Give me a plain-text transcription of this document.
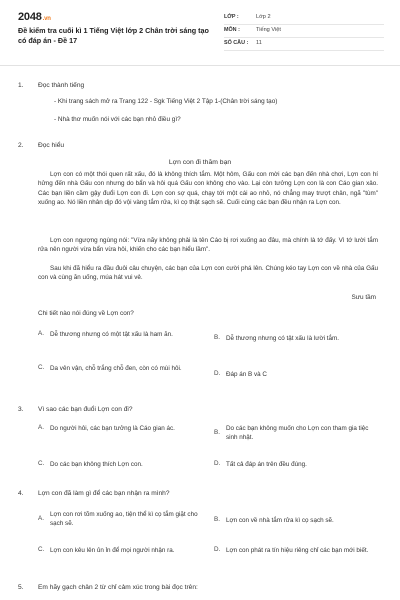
2048.vn
Đề kiểm tra cuối kì 1 Tiếng Việt lớp 2 Chân trời sáng tạo có đáp án - Đề 17
LỚP :	Lớp 2
MÔN :	Tiếng Việt
SỐ CÂU :	11
1. Đọc thành tiếng
- Khi trang sách mở ra Trang 122 - Sgk Tiếng Việt 2 Tập 1-(Chân trời sáng tạo)
- Nhà thơ muốn nói với các bạn nhỏ điều gì?
2. Đọc hiểu
Lợn con đi thăm bạn
Lợn con có một thói quen rất xấu, đó là không thích tắm. Một hôm, Gấu con mời các bạn đến nhà chơi, Lợn con hí hửng đến nhà Gấu con nhưng do bẩn và hôi quá Gấu con không cho vào. Lại còn tưởng Lợn con là con Cáo gian xảo. Các bạn liền cầm gậy đuổi Lợn con đi. Lợn con sợ quá, chạy tới một cái ao nhỏ, nó chẳng may trượt chân, ngã "tùm" xuống ao. Nó liền nhân dịp đó vội vàng tắm rửa, kì cọ thật sạch sẽ. Cuối cùng các bạn đều nhận ra Lợn con.
Lợn con ngượng ngùng nói: "Vừa nãy không phải là tên Cáo bị rơi xuống ao đâu, mà chính là tớ đấy. Vì tớ lười tắm rửa nên người vừa bẩn vừa hôi, khiến cho các bạn hiểu lầm".
Sau khi đã hiểu ra đầu đuôi câu chuyện, các bạn của Lợn con cười phá lên. Chúng kéo tay Lợn con về nhà của Gấu con và cùng ăn uống, múa hát vui vẻ.
Sưu tầm
Chi tiết nào nói đúng về Lợn con?
A. Dễ thương nhưng có một tật xấu là ham ăn.	B. Dễ thương nhưng có tật xấu là lười tắm.
C. Da vên vận, chỗ trắng chỗ đen, còn có mùi hôi.
D. Đáp án B và C
3. Vì sao các bạn đuổi Lợn con đi?
A. Do người hôi, các bạn tưởng là Cáo gian ác.
B.
Do các bạn không muốn cho Lợn con tham gia tiệc sinh nhật.
C. Do các bạn không thích Lợn con.	D. Tất cả đáp án trên đều đúng.
4. Lợn con đã làm gì để các bạn nhận ra mình?
A.
Lợn con rơi tõm xuống ao, tiện thể kì cọ tắm giặt cho sạch sẽ.
B. Lợn con về nhà tắm rửa kì cọ sạch sẽ.
C. Lợn con kêu lên ủn ỉn để mọi người nhận ra.	D. Lợn con phát ra tín hiệu riêng chỉ các bạn mới biết.
5. Em hãy gạch chân 2 từ chỉ cảm xúc trong bài đọc trên:
